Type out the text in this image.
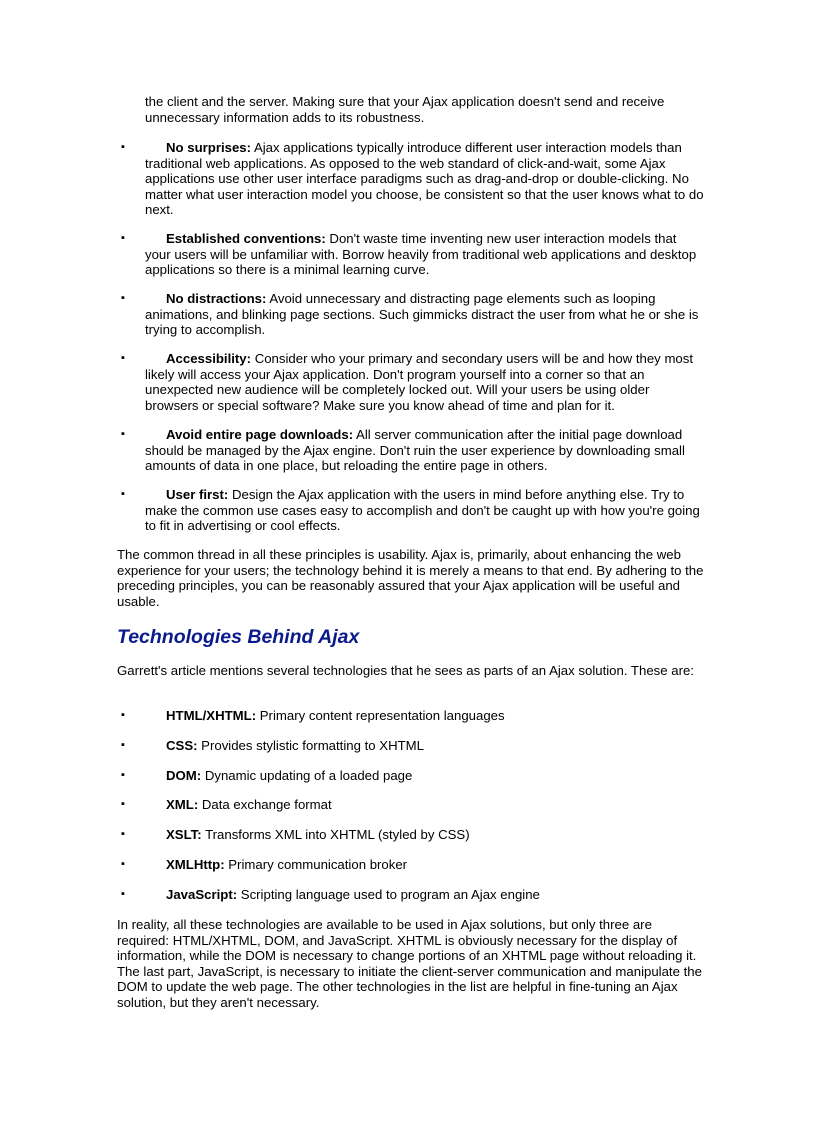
the client and the server. Making sure that your Ajax application doesn't send and receive unnecessary information adds to its robustness.

▪	No surprises: Ajax applications typically introduce different user interaction models than traditional web applications. As opposed to the web standard of click-and-wait, some Ajax applications use other user interface paradigms such as drag-and-drop or double-clicking. No matter what user interaction model you choose, be consistent so that the user knows what to do next.

▪	Established conventions: Don't waste time inventing new user interaction models that your users will be unfamiliar with. Borrow heavily from traditional web applications and desktop applications so there is a minimal learning curve.

▪	No distractions: Avoid unnecessary and distracting page elements such as looping animations, and blinking page sections. Such gimmicks distract the user from what he or she is trying to accomplish.

▪	Accessibility: Consider who your primary and secondary users will be and how they most likely will access your Ajax application. Don't program yourself into a corner so that an unexpected new audience will be completely locked out. Will your users be using older browsers or special software? Make sure you know ahead of time and plan for it.

▪	Avoid entire page downloads: All server communication after the initial page download should be managed by the Ajax engine. Don't ruin the user experience by downloading small amounts of data in one place, but reloading the entire page in others.

▪	User first: Design the Ajax application with the users in mind before anything else. Try to make the common use cases easy to accomplish and don't be caught up with how you're going to fit in advertising or cool effects.

The common thread in all these principles is usability. Ajax is, primarily, about enhancing the web experience for your users; the technology behind it is merely a means to that end. By adhering to the preceding principles, you can be reasonably assured that your Ajax application will be useful and usable.

Technologies Behind Ajax

Garrett's article mentions several technologies that he sees as parts of an Ajax solution. These are:

▪	HTML/XHTML: Primary content representation languages

▪	CSS: Provides stylistic formatting to XHTML

▪	DOM: Dynamic updating of a loaded page

▪	XML: Data exchange format

▪	XSLT: Transforms XML into XHTML (styled by CSS)

▪	XMLHttp: Primary communication broker

▪	JavaScript: Scripting language used to program an Ajax engine

In reality, all these technologies are available to be used in Ajax solutions, but only three are required: HTML/XHTML, DOM, and JavaScript. XHTML is obviously necessary for the display of information, while the DOM is necessary to change portions of an XHTML page without reloading it. The last part, JavaScript, is necessary to initiate the client-server communication and manipulate the DOM to update the web page. The other technologies in the list are helpful in fine-tuning an Ajax solution, but they aren't necessary.
